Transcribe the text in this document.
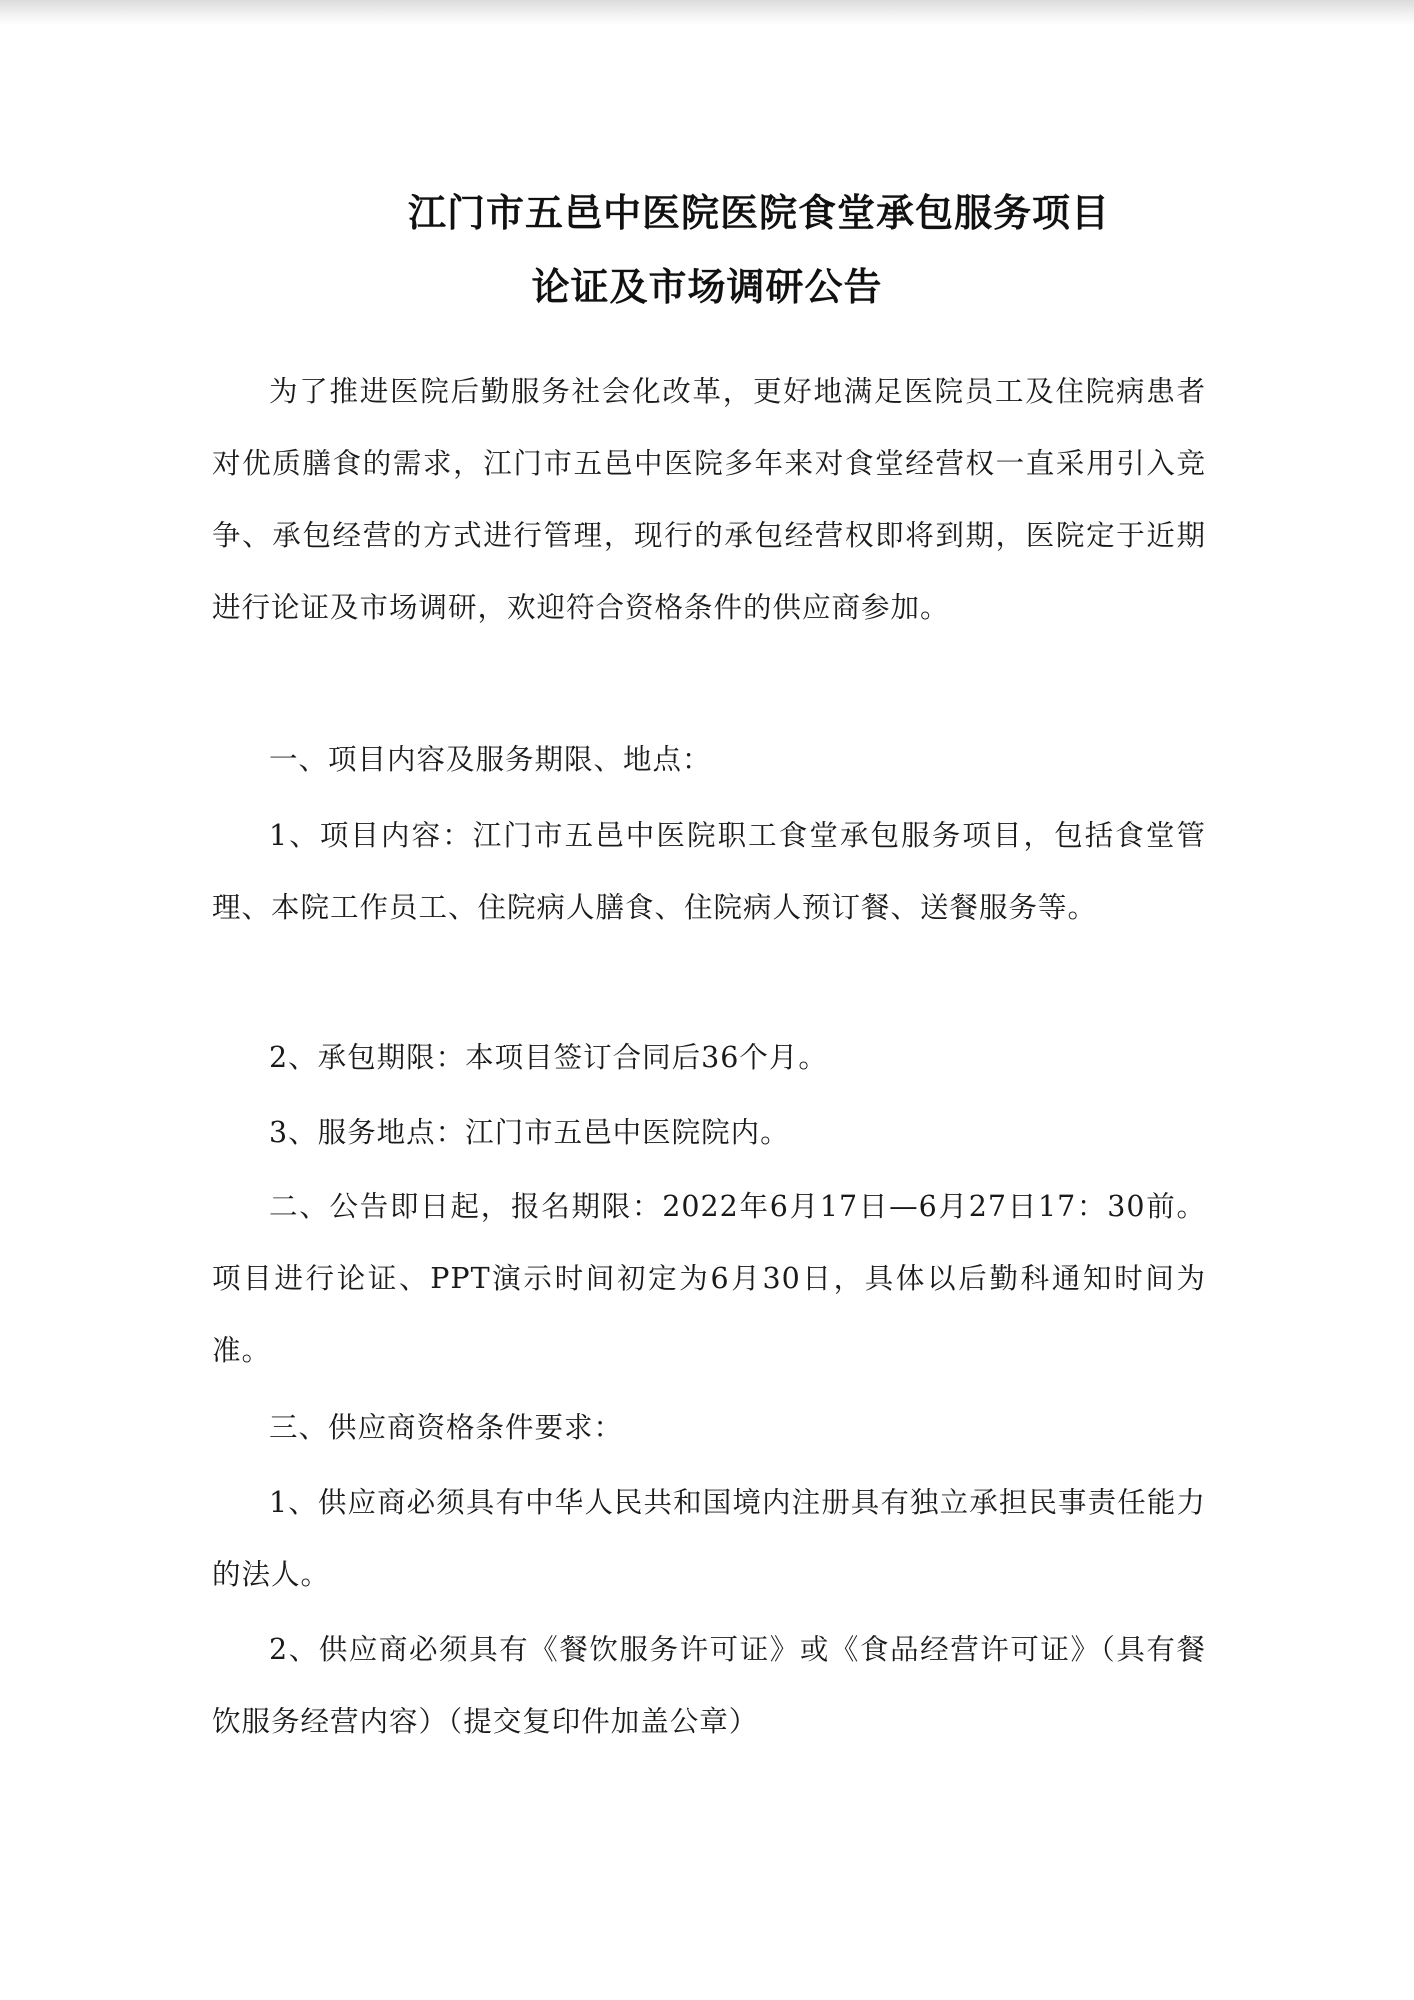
江门市五邑中医院医院食堂承包服务项目
论证及市场调研公告

为了推进医院后勤服务社会化改革，更好地满足医院员工及住院病患者对优质膳食的需求，江门市五邑中医院多年来对食堂经营权一直采用引入竞争、承包经营的方式进行管理，现行的承包经营权即将到期，医院定于近期进行论证及市场调研，欢迎符合资格条件的供应商参加。

一、项目内容及服务期限、地点：

1、项目内容：江门市五邑中医院职工食堂承包服务项目，包括食堂管理、本院工作员工、住院病人膳食、住院病人预订餐、送餐服务等。

2、承包期限：本项目签订合同后36个月。

3、服务地点：江门市五邑中医院院内。

二、公告即日起，报名期限：2022年6月17日—6月27日17：30前。项目进行论证、PPT演示时间初定为6月30日，具体以后勤科通知时间为准。

三、供应商资格条件要求：

1、供应商必须具有中华人民共和国境内注册具有独立承担民事责任能力的法人。

2、供应商必须具有《餐饮服务许可证》或《食品经营许可证》（具有餐饮服务经营内容）（提交复印件加盖公章）
